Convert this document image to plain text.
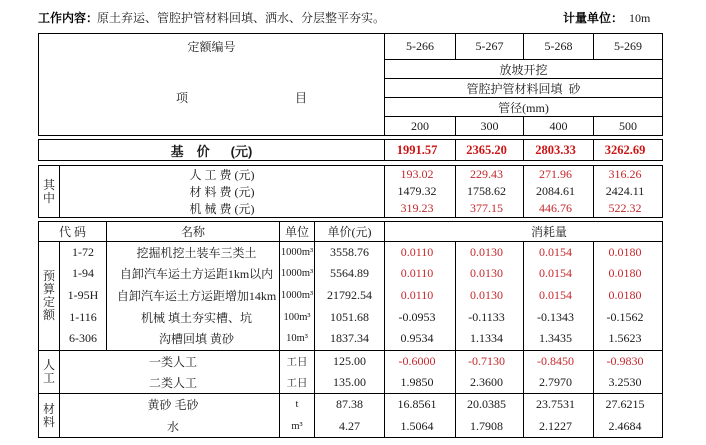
工作内容：
原土弃运、管腔护管材料回填、洒水、分层整平夯实。	计量单位： 10m
定 额 编 号	5-266	5-267	5-268	5-269
项	目
放坡开挖
管腔护管材料回填  砂
管径(mm)
200	300	400	500
基 价 (元)	1991.57	2365.20	2803.33	3262.69
其
中
人 工 费 (元)	193.02	229.43	271.96	316.26
材 料 费 (元)	1479.32	1758.62	2084.61	2424.11
机 械 费 (元)	319.23	377.15	446.76	522.32
代 码	名 称	单位	单价(元)	消 耗 量
预
算
定
额
1-72	挖掘机挖土装车三类土	1000m³	3558.76	0.0110	0.0130	0.0154	0.0180
1-94	自卸汽车运土方运距1km以内 1000m³	5564.89	0.0110	0.0130	0.0154	0.0180
1-95H	自卸汽车运土方运距增加14km 1000m³	21792.54	0.0110	0.0130	0.0154	0.0180
1-116	机械 填土夯实槽、坑	100m³	1051.68	-0.0953	-0.1133	-0.1343	-0.1562
6-306	沟槽回填 黄砂	10m³	1837.34	0.9534	1.1334	1.3435	1.5623
人
工
一类人工	工日	125.00	-0.6000	-0.7130	-0.8450	-0.9830
二类人工	工日	135.00	1.9850	2.3600	2.7970	3.2530
材
料
黄砂 毛砂	t	87.38	16.8561	20.0385	23.7531	27.6215
水	m³	4.27	1.5064	1.7908	2.1227	2.4684
